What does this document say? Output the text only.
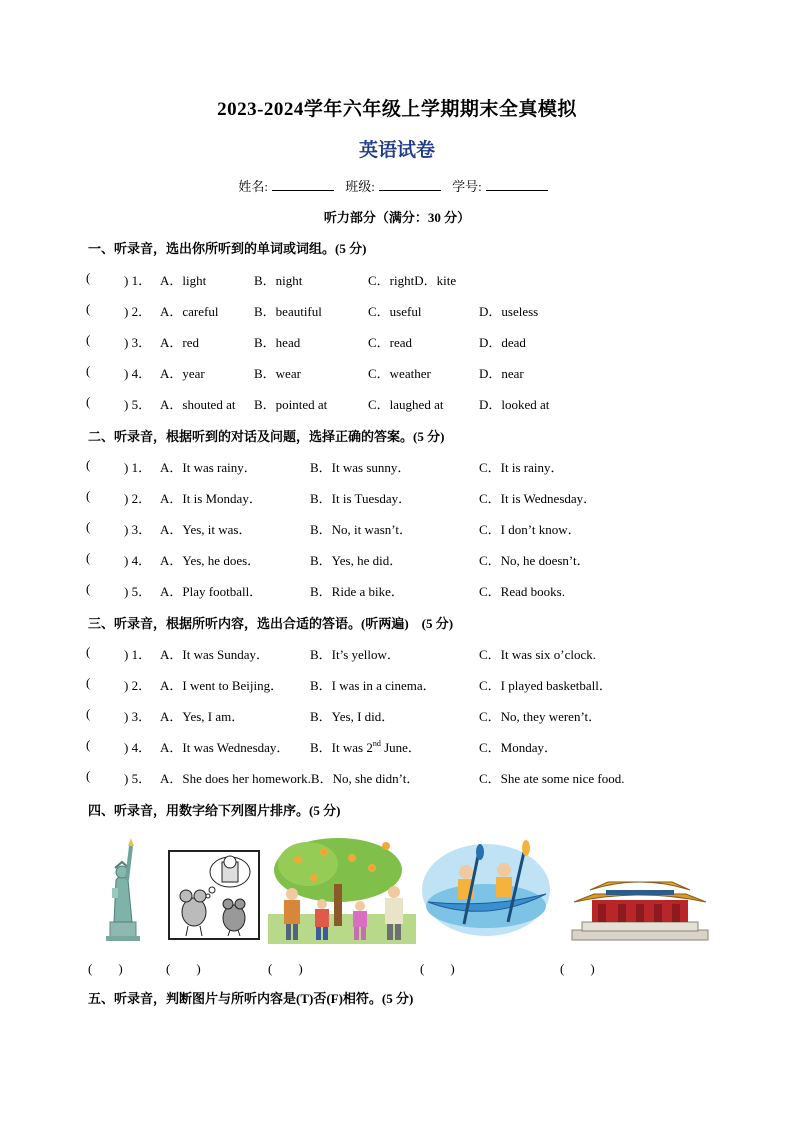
2023-2024学年六年级上学期期末全真模拟
英语试卷
姓名:	班级:	学号:
听力部分（满分：30 分）
一、听录音，选出你所听到的单词或词组。(5 分)
(	) 1． A．light	B．night	C．rightD．kite
(	) 2． A．careful	B．beautiful	C．useful	D．useless
(	) 3． A．red	B．head	C．read	D．dead
(	) 4． A．year	B．wear	C．weather	D．near
(	) 5． A．shouted at B．pointed at	C．laughed at	D．looked at
二、听录音，根据听到的对话及问题，选择正确的答案。(5 分)
(	) 1． A．It was rainy．	B．It was sunny．	C．It is rainy．
(	) 2． A．It is Monday．	B．It is Tuesday．	C．It is Wednesday．
(	) 3． A．Yes, it was．	B．No, it wasn’t．	C．I don’t know．
(	) 4． A．Yes, he does．	B．Yes, he did．	C．No, he doesn’t．
(	) 5． A．Play football．	B．Ride a bike．	C．Read books.
三、听录音，根据所听内容，选出合适的答语。(听两遍)　(5 分)
(	) 1． A．It was Sunday．	B．It’s yellow．	C．It was six o’clock.
(	) 2． A．I went to Beijing． B．I was in a cinema．	C．I played basketball．
(	) 3． A．Yes, I am．	B．Yes, I did．	C．No, they weren’t．
(	) 4． A．It was Wednesday． B．It was 2nd June．	C．Monday．
(	) 5． A．She does her homework.B．No, she didn’t．	C．She ate some nice food.
四、听录音，用数字给下列图片排序。(5 分)
(　　)	(　　)	(　　)	(　　)	(　　)
五、听录音，判断图片与所听内容是(T)否(F)相符。(5 分)
